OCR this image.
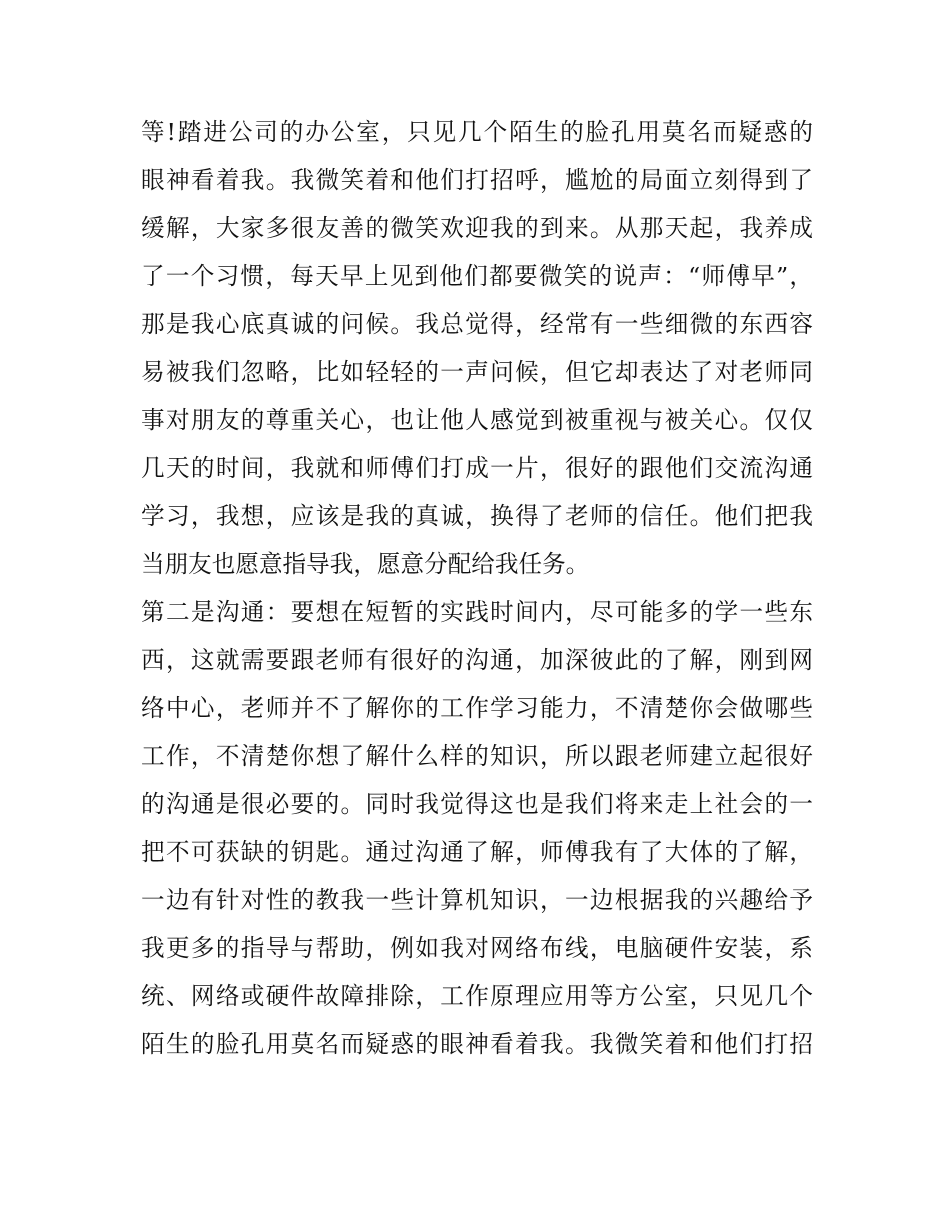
等!踏进公司的办公室，只见几个陌生的脸孔用莫名而疑惑的
眼神看着我。我微笑着和他们打招呼，尴尬的局面立刻得到了
缓解，大家多很友善的微笑欢迎我的到来。从那天起，我养成
了一个习惯，每天早上见到他们都要微笑的说声：“师傅早”，
那是我心底真诚的问候。我总觉得，经常有一些细微的东西容
易被我们忽略，比如轻轻的一声问候，但它却表达了对老师同
事对朋友的尊重关心，也让他人感觉到被重视与被关心。仅仅
几天的时间，我就和师傅们打成一片，很好的跟他们交流沟通
学习，我想，应该是我的真诚，换得了老师的信任。他们把我
当朋友也愿意指导我，愿意分配给我任务。
第二是沟通：要想在短暂的实践时间内，尽可能多的学一些东
西，这就需要跟老师有很好的沟通，加深彼此的了解，刚到网
络中心，老师并不了解你的工作学习能力，不清楚你会做哪些
工作，不清楚你想了解什么样的知识，所以跟老师建立起很好
的沟通是很必要的。同时我觉得这也是我们将来走上社会的一
把不可获缺的钥匙。通过沟通了解，师傅我有了大体的了解，
一边有针对性的教我一些计算机知识，一边根据我的兴趣给予
我更多的指导与帮助，例如我对网络布线，电脑硬件安装，系
统、网络或硬件故障排除，工作原理应用等方公室，只见几个
陌生的脸孔用莫名而疑惑的眼神看着我。我微笑着和他们打招
